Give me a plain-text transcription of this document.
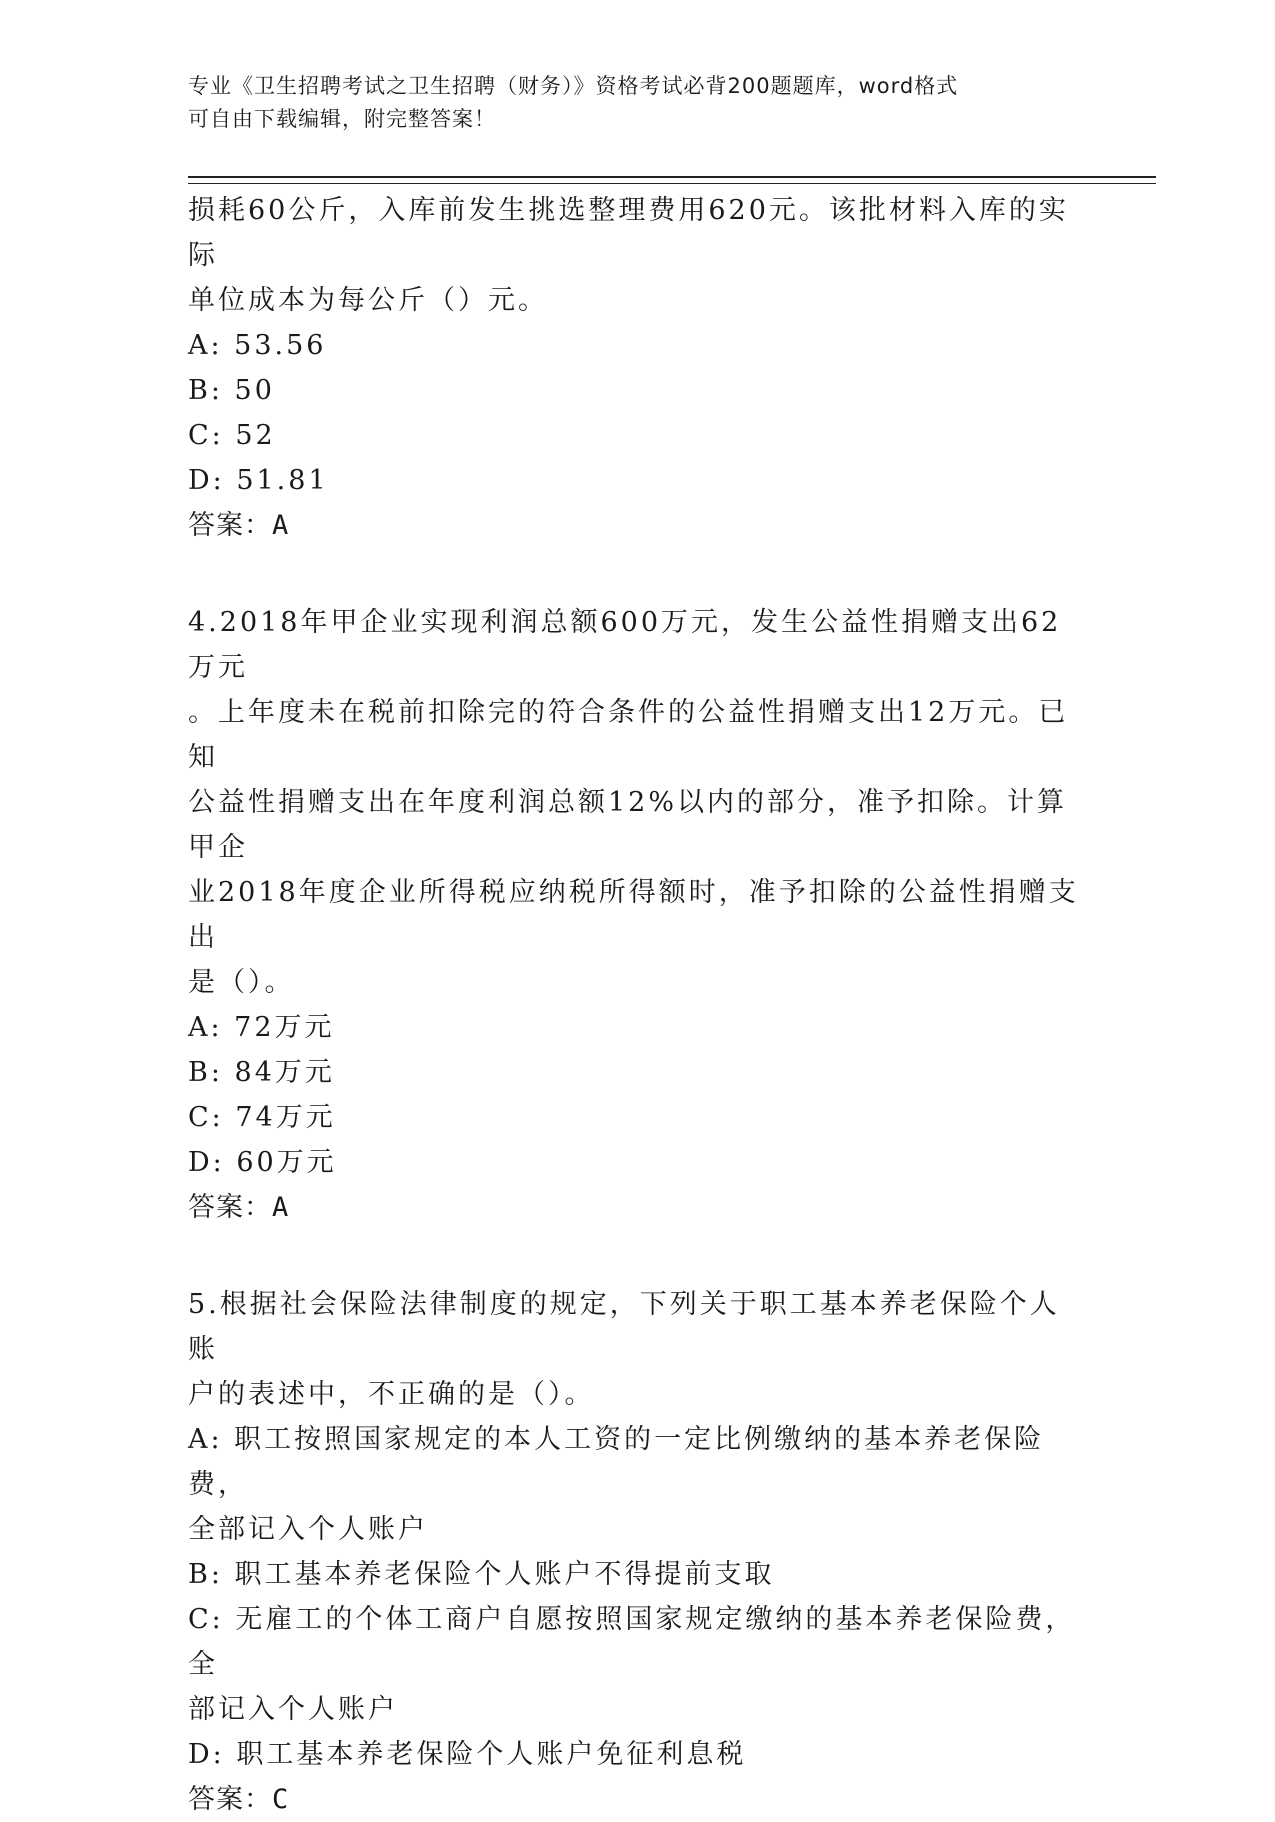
专业《卫生招聘考试之卫生招聘（财务）》资格考试必背200题题库，word格式
可自由下载编辑，附完整答案！

损耗60公斤，入库前发生挑选整理费用620元。该批材料入库的实际

单位成本为每公斤（）元。

A: 53.56

B: 50

C: 52

D: 51.81

答案：A

4.2018年甲企业实现利润总额600万元，发生公益性捐赠支出62万元

。上年度未在税前扣除完的符合条件的公益性捐赠支出12万元。已知

公益性捐赠支出在年度利润总额12%以内的部分，准予扣除。计算甲企

业2018年度企业所得税应纳税所得额时，准予扣除的公益性捐赠支出

是（）。

A: 72万元

B: 84万元

C: 74万元

D: 60万元

答案：A

5.根据社会保险法律制度的规定，下列关于职工基本养老保险个人账

户的表述中，不正确的是（）。

A: 职工按照国家规定的本人工资的一定比例缴纳的基本养老保险费，

全部记入个人账户

B: 职工基本养老保险个人账户不得提前支取

C: 无雇工的个体工商户自愿按照国家规定缴纳的基本养老保险费，全

部记入个人账户

D: 职工基本养老保险个人账户免征利息税

答案：C
